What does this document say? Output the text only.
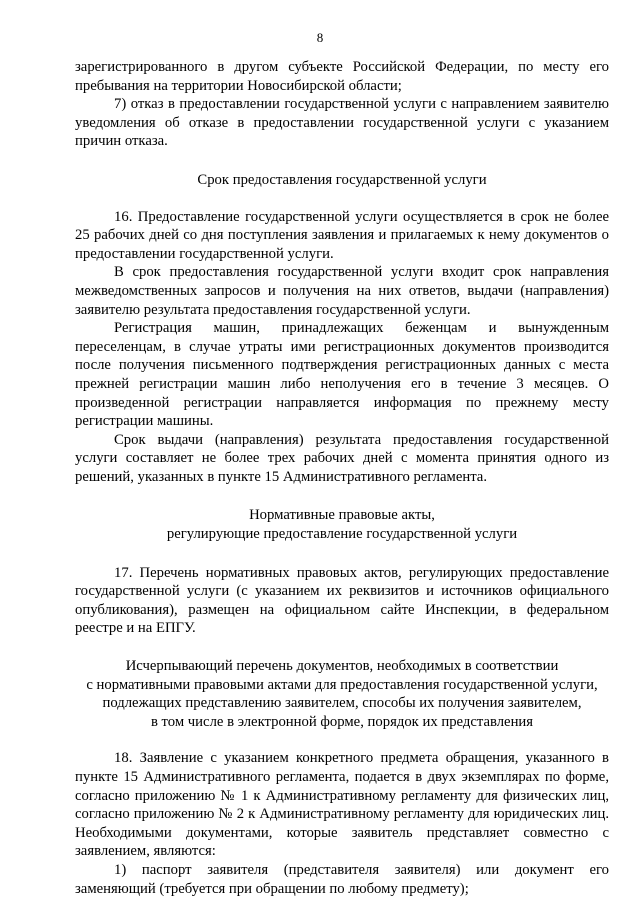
8

зарегистрированного в другом субъекте Российской Федерации, по месту его пребывания на территории Новосибирской области;

7) отказ в предоставлении государственной услуги с направлением заявителю уведомления об отказе в предоставлении государственной услуги с указанием причин отказа.

Срок предоставления государственной услуги

16. Предоставление государственной услуги осуществляется в срок не более 25 рабочих дней со дня поступления заявления и прилагаемых к нему документов о предоставлении государственной услуги.

В срок предоставления государственной услуги входит срок направления межведомственных запросов и получения на них ответов, выдачи (направления) заявителю результата предоставления государственной услуги.

Регистрация машин, принадлежащих беженцам и вынужденным переселенцам, в случае утраты ими регистрационных документов производится после получения письменного подтверждения регистрационных данных с места прежней регистрации машин либо неполучения его в течение 3 месяцев. О произведенной регистрации направляется информация по прежнему месту регистрации машины.

Срок выдачи (направления) результата предоставления государственной услуги составляет не более трех рабочих дней с момента принятия одного из решений, указанных в пункте 15 Административного регламента.

Нормативные правовые акты,

регулирующие предоставление государственной услуги

17. Перечень нормативных правовых актов, регулирующих предоставление государственной услуги (с указанием их реквизитов и источников официального опубликования), размещен на официальном сайте Инспекции, в федеральном реестре и на ЕПГУ.

Исчерпывающий перечень документов, необходимых в соответствии

с нормативными правовыми актами для предоставления государственной услуги,

подлежащих представлению заявителем, способы их получения заявителем,

в том числе в электронной форме, порядок их представления

18. Заявление с указанием конкретного предмета обращения, указанного в пункте 15 Административного регламента, подается в двух экземплярах по форме, согласно приложению № 1 к Административному регламенту для физических лиц, согласно приложению № 2 к Административному регламенту для юридических лиц. Необходимыми документами, которые заявитель представляет совместно с заявлением, являются:

1) паспорт заявителя (представителя заявителя) или документ его заменяющий (требуется при обращении по любому предмету);
